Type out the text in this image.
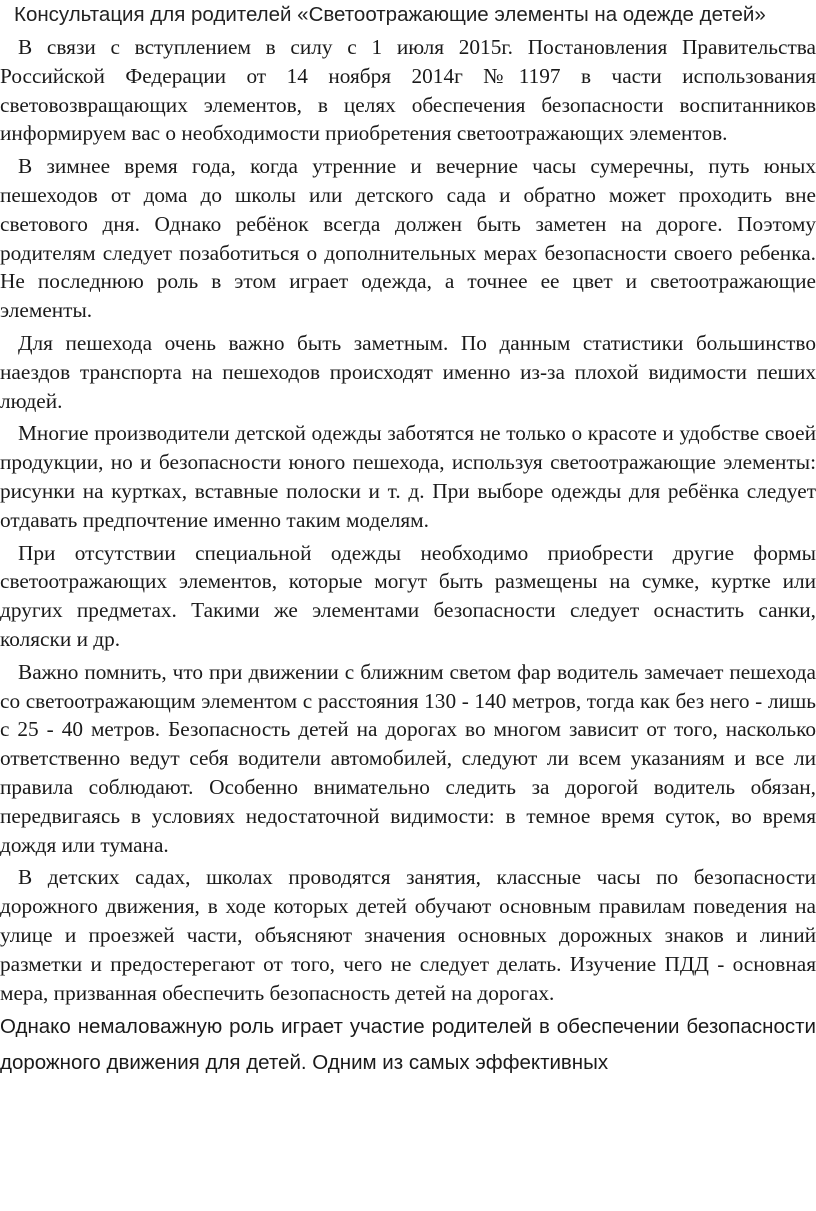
Консультация для родителей «Светоотражающие элементы на одежде детей»

В связи с вступлением в силу с 1 июля 2015г. Постановления Правительства Российской Федерации от 14 ноября 2014г №1197 в части использования световозвращающих элементов, в целях обеспечения безопасности воспитанников информируем вас о необходимости приобретения светоотражающих элементов.

В зимнее время года, когда утренние и вечерние часы сумеречны, путь юных пешеходов от дома до школы или детского сада и обратно может проходить вне светового дня. Однако ребёнок всегда должен быть заметен на дороге. Поэтому родителям следует позаботиться о дополнительных мерах безопасности своего ребенка. Не последнюю роль в этом играет одежда, а точнее ее цвет и светоотражающие элементы.

Для пешехода очень важно быть заметным. По данным статистики большинство наездов транспорта на пешеходов происходят именно из-за плохой видимости пеших людей.

Многие производители детской одежды заботятся не только о красоте и удобстве своей продукции, но и безопасности юного пешехода, используя светоотражающие элементы: рисунки на куртках, вставные полоски и т. д. При выборе одежды для ребёнка следует отдавать предпочтение именно таким моделям.

При отсутствии специальной одежды необходимо приобрести другие формы светоотражающих элементов, которые могут быть размещены на сумке, куртке или других предметах. Такими же элементами безопасности следует оснастить санки, коляски и др.

Важно помнить, что при движении с ближним светом фар водитель замечает пешехода со светоотражающим элементом с расстояния 130 - 140 метров, тогда как без него - лишь с 25 - 40 метров. Безопасность детей на дорогах во многом зависит от того, насколько ответственно ведут себя водители автомобилей, следуют ли всем указаниям и все ли правила соблюдают. Особенно внимательно следить за дорогой водитель обязан, передвигаясь в условиях недостаточной видимости: в темное время суток, во время дождя или тумана.

В детских садах, школах проводятся занятия, классные часы по безопасности дорожного движения, в ходе которых детей обучают основным правилам поведения на улице и проезжей части, объясняют значения основных дорожных знаков и линий разметки и предостерегают от того, чего не следует делать. Изучение ПДД - основная мера, призванная обеспечить безопасность детей на дорогах.

Однако немаловажную роль играет участие родителей в обеспечении безопасности дорожного движения для детей. Одним из самых эффективных
